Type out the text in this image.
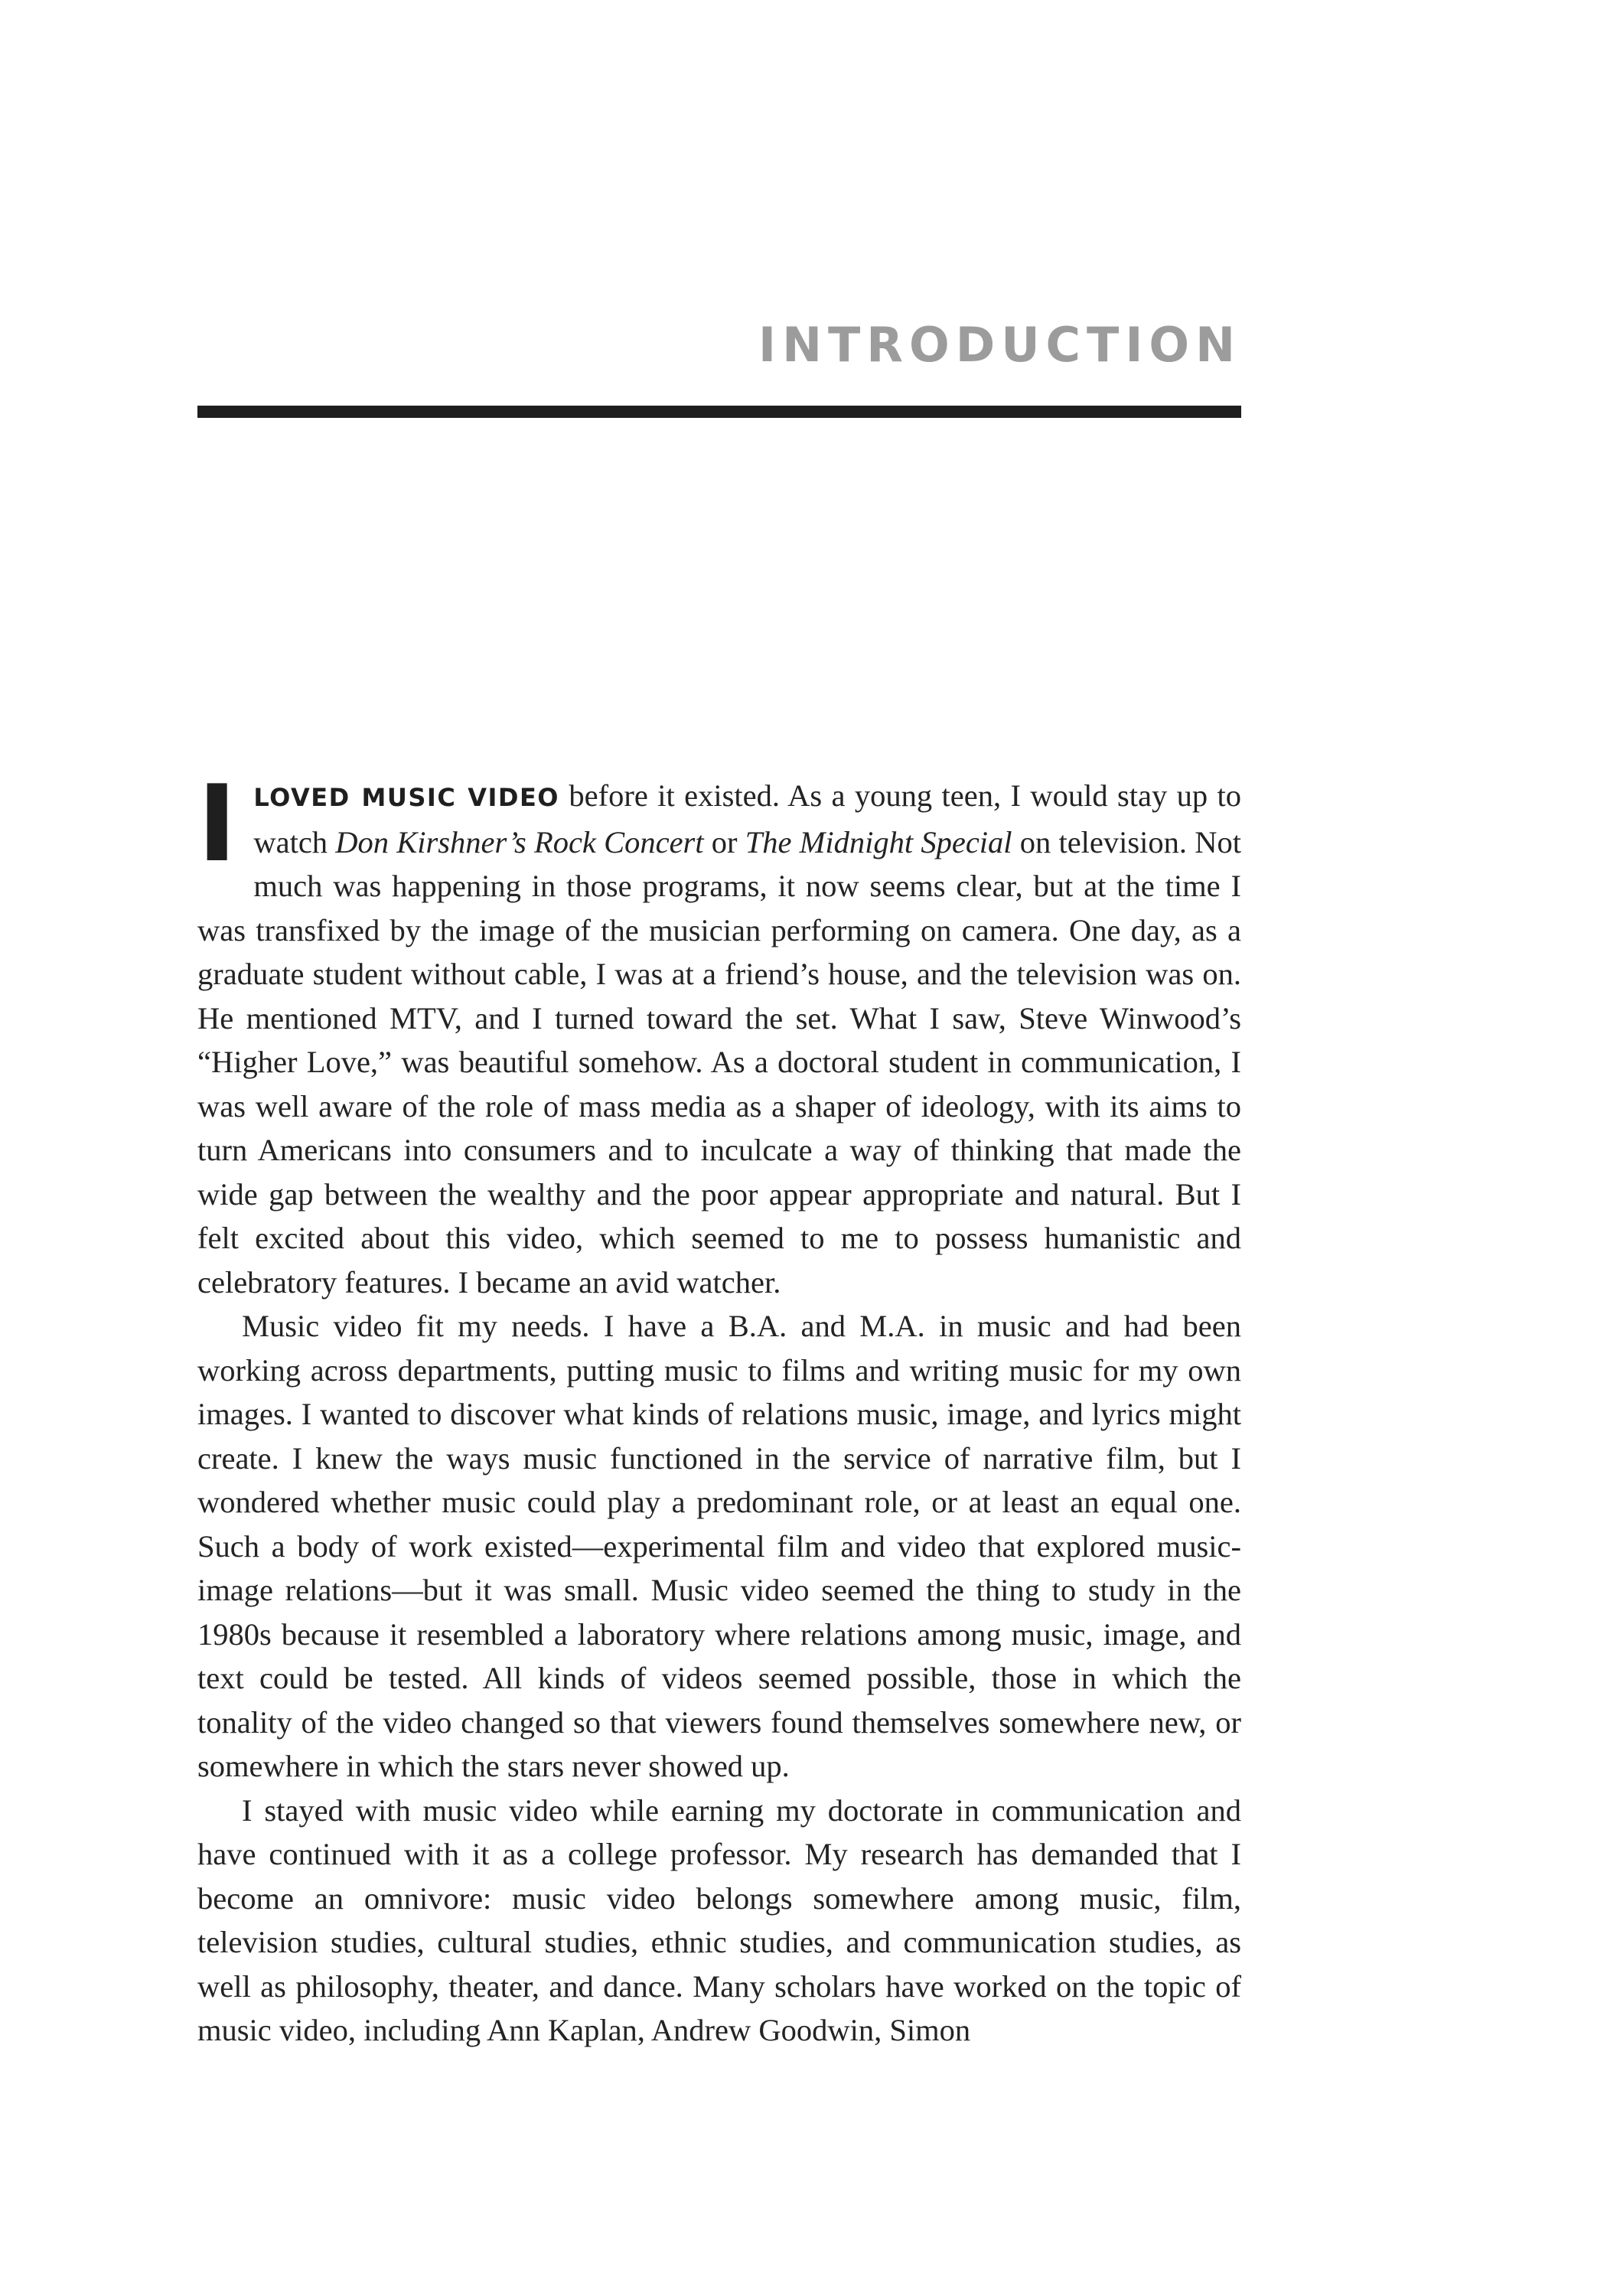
INTRODUCTION

ILOVED MUSIC VIDEO before it existed. As a young teen, I would stay up to watch Don Kirshner’s Rock Concert or The Midnight Special on television. Not much was happening in those programs, it now seems clear, but at the time I was transfixed by the image of the musician performing on camera. One day, as a graduate student without cable, I was at a friend’s house, and the television was on. He mentioned MTV, and I turned toward the set. What I saw, Steve Winwood’s “Higher Love,” was beautiful somehow. As a doctoral student in communication, I was well aware of the role of mass media as a shaper of ideology, with its aims to turn Americans into consumers and to inculcate a way of thinking that made the wide gap between the wealthy and the poor appear appropriate and natural. But I felt excited about this video, which seemed to me to possess humanistic and celebratory features. I became an avid watcher.

Music video fit my needs. I have a B.A. and M.A. in music and had been working across departments, putting music to films and writing music for my own images. I wanted to discover what kinds of relations music, image, and lyrics might create. I knew the ways music functioned in the service of narrative film, but I wondered whether music could play a predominant role, or at least an equal one. Such a body of work existed—experimental film and video that explored music-image relations—but it was small. Music video seemed the thing to study in the 1980s because it resembled a laboratory where relations among music, image, and text could be tested. All kinds of videos seemed possible, those in which the tonality of the video changed so that viewers found themselves somewhere new, or somewhere in which the stars never showed up.

I stayed with music video while earning my doctorate in communication and have continued with it as a college professor. My research has demanded that I become an omnivore: music video belongs somewhere among music, film, television studies, cultural studies, ethnic studies, and communication studies, as well as philosophy, theater, and dance. Many scholars have worked on the topic of music video, including Ann Kaplan, Andrew Goodwin, Simon
